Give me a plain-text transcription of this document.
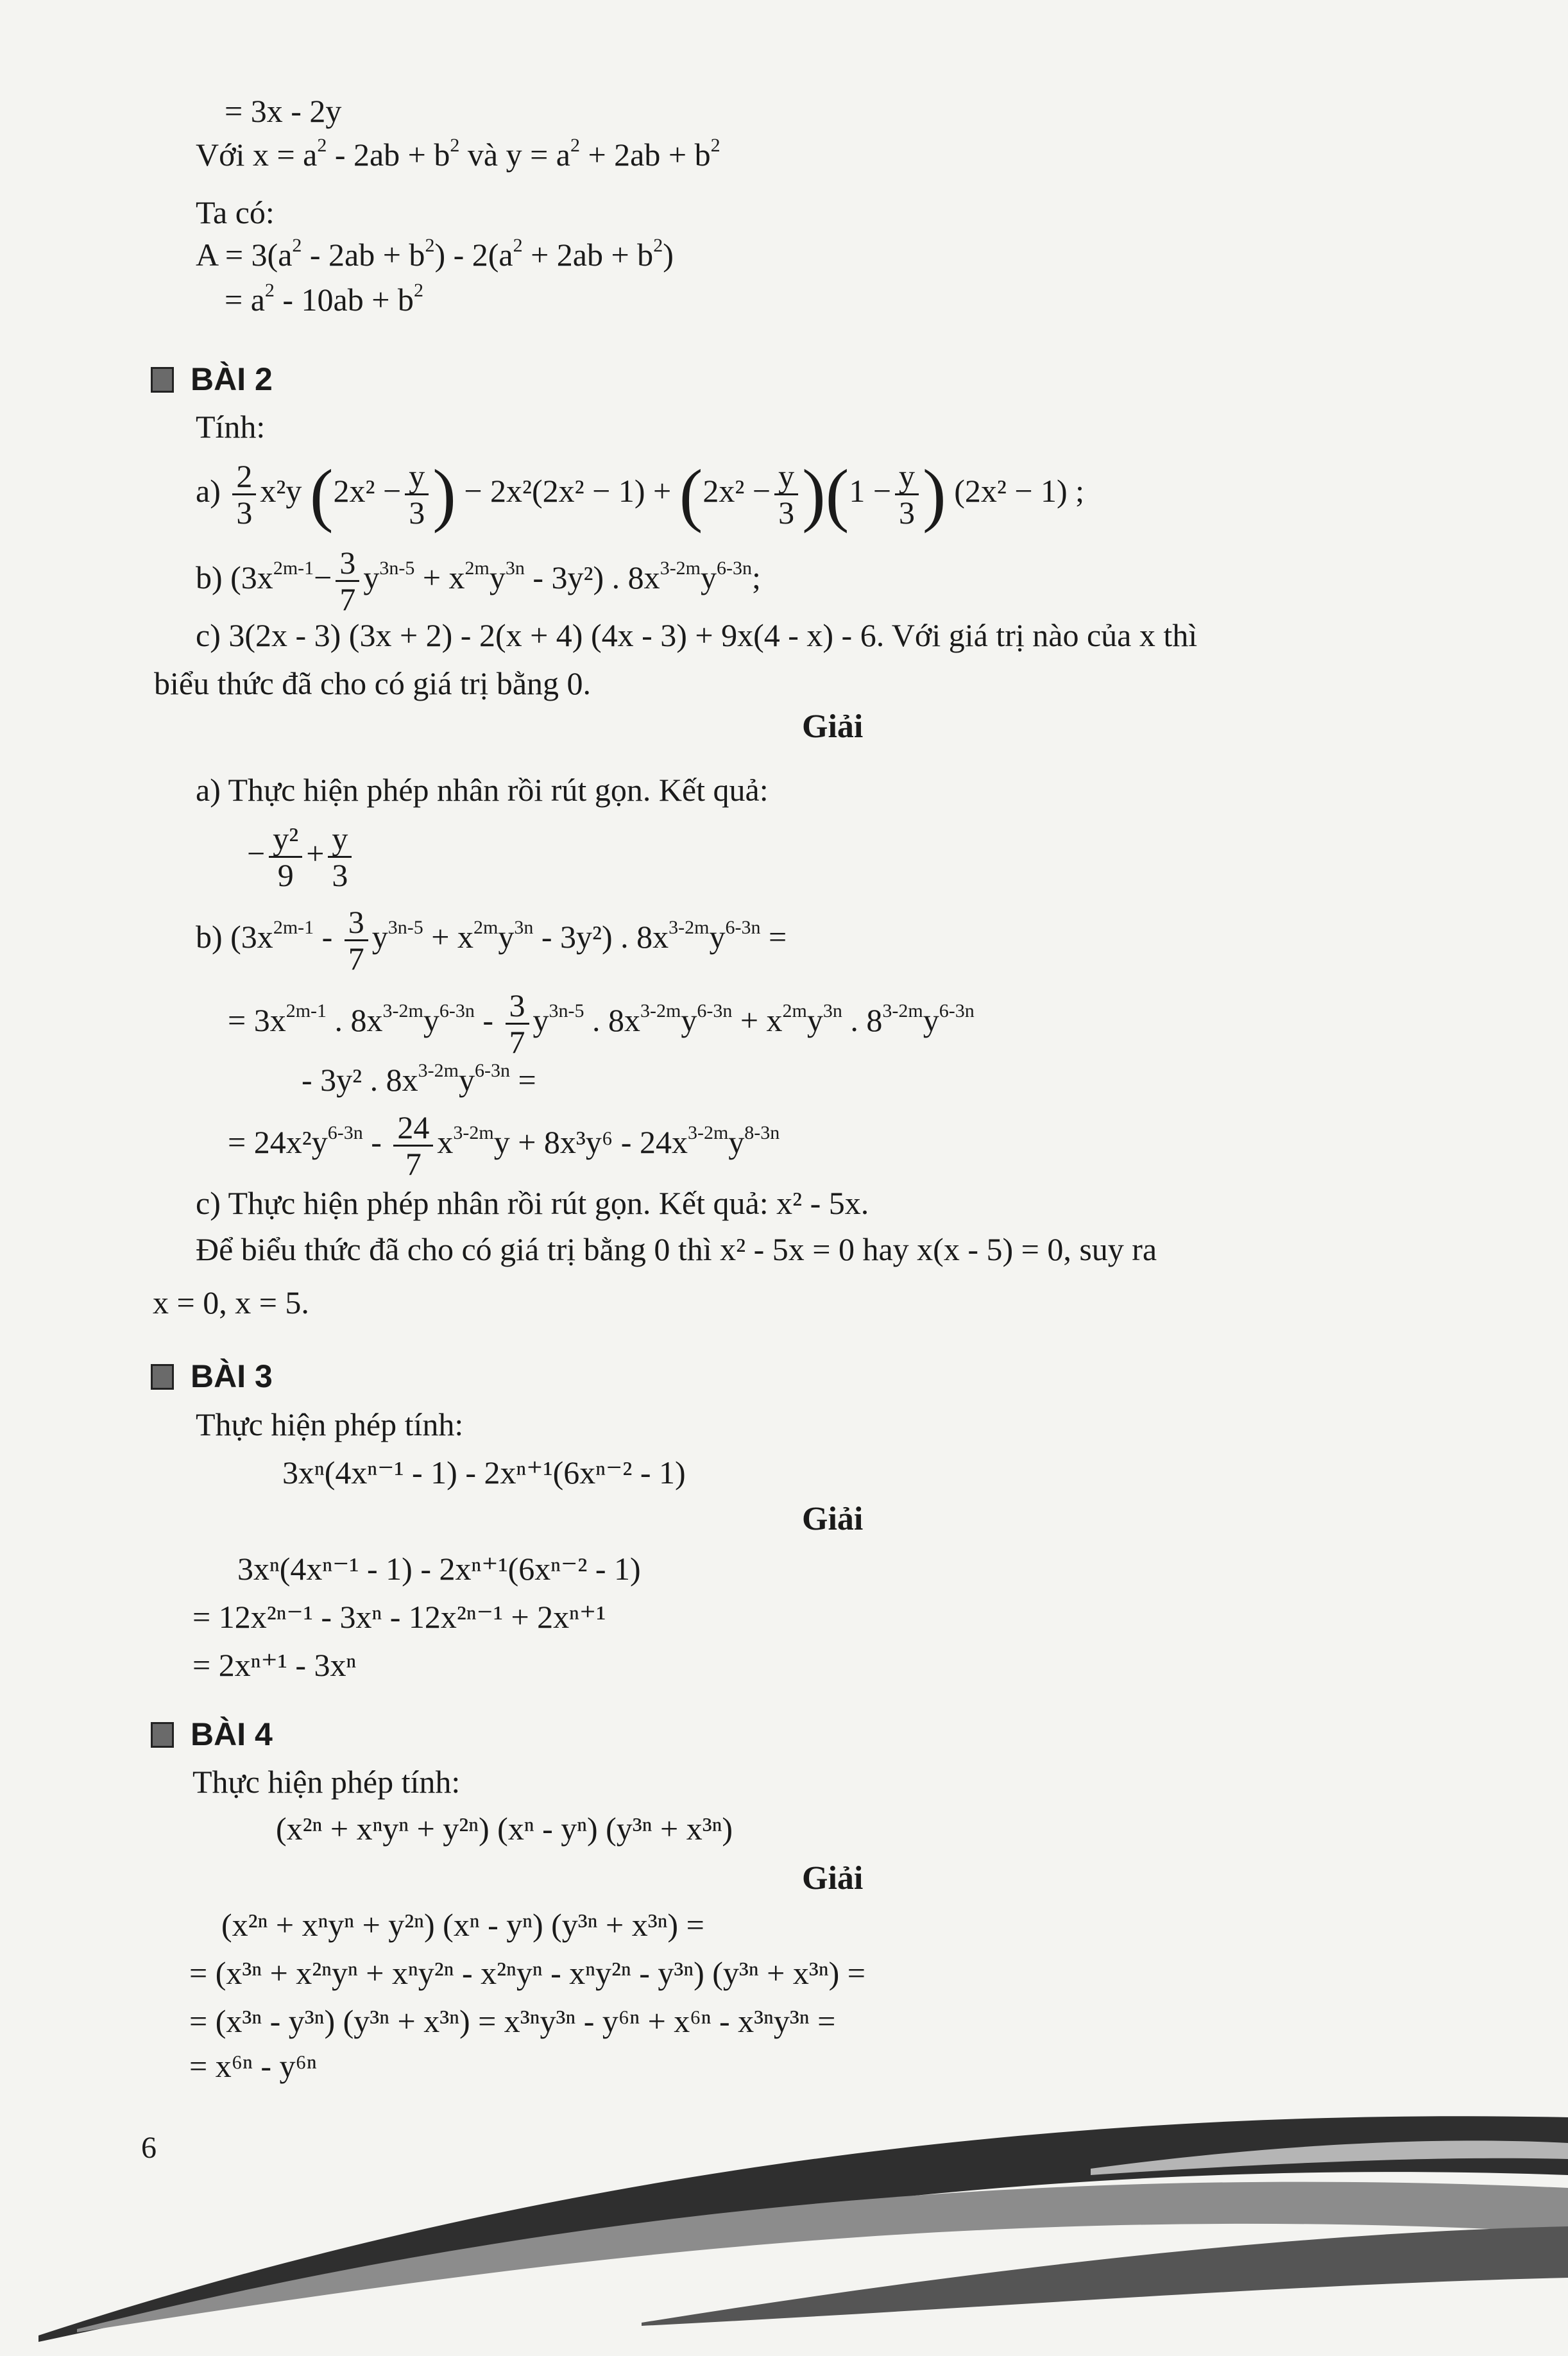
= 3x - 2y
Với $x = a^2 - 2ab + b^2$ và $y = a^2 + 2ab + b^2$
Ta có:
$A = 3(a^2 - 2ab + b^2) - 2(a^2 + 2ab + b^2)$
= $a^2 - 10ab + b^2$
BÀI 2
Tính:
$a) \frac{2}{3} x^2y$ ($2x^2 - \frac{y}{3}$ ) − $2x^2(2x^2 - 1) + (2x^2 - \frac{y}{3} )(1 - \frac{y}{3}$ ) (2x² − 1) ;
b) $(3x^{2m-1}- \frac{3}{7} y^{3n-5} + x^{2m}y^{3n} - 3y^2)$ . $8x^{3-2m}y^{6-3n}$;
c) 3(2x - 3) (3x + 2) - 2(x + 4) (4x - 3) + 9x(4 - x) - 6. Với giá trị nào của x thì
biểu thức đã cho có giá trị bằng 0.
Giải
a) Thực hiện phép nhân rồi rút gọn. Kết quả:
− $\frac{\text{y²}}{9} + \frac{y}{3}$
b) $(3x^{2m-1} - \frac{3}{7} y^{3n-5} + x^{2m}y^{3n} - 3y^2)$ . $8x^{3-2m}y^{6-3n}$ =
= $3x^{2m-1}$ . $8x^{3-2m}y^{6-3n} - \frac{3}{7} y^{3n-5}$ . $8x^{3-2m}y^{6-3n} + x^{2m}y^{3n}$ . $8^{3-2m}y^{6-3n}$
- 3y² . $8x^{3-2m}y^{6-3n}$ =
= $24x^2y^{6-3n} - \frac{24}{7} x^{3-2m}y + 8x^3y^6 - 24x^{3-2m}y^{8-3n}$
c) Thực hiện phép nhân rồi rút gọn. Kết quả: x² - 5x.
Để biểu thức đã cho có giá trị bằng 0 thì x² - 5x = 0 hay x(x - 5) = 0, suy ra
x = 0, x = 5.
BÀI 3
Thực hiện phép tính:
3xⁿ(4xⁿ⁻¹ - 1) - 2xⁿ⁺¹(6xⁿ⁻² - 1)
Giải
3xⁿ(4xⁿ⁻¹ - 1) - 2xⁿ⁺¹(6xⁿ⁻² - 1)
= 12x²ⁿ⁻¹ - 3xⁿ - 12x²ⁿ⁻¹ + 2xⁿ⁺¹
= 2xⁿ⁺¹ - 3xⁿ
BÀI 4
Thực hiện phép tính:
(x²ⁿ + xⁿyⁿ + y²ⁿ) (xⁿ - yⁿ) (y³ⁿ + x³ⁿ)
Giải
(x²ⁿ + xⁿyⁿ + y²ⁿ) (xⁿ - yⁿ) (y³ⁿ + x³ⁿ) =
= (x³ⁿ + x²ⁿyⁿ + xⁿy²ⁿ - x²ⁿyⁿ - xⁿy²ⁿ - y³ⁿ) (y³ⁿ + x³ⁿ) =
= (x³ⁿ - y³ⁿ) (y³ⁿ + x³ⁿ) = x³ⁿy³ⁿ - y⁶ⁿ + x⁶ⁿ - x³ⁿy³ⁿ =
= x⁶ⁿ - y⁶ⁿ
6
